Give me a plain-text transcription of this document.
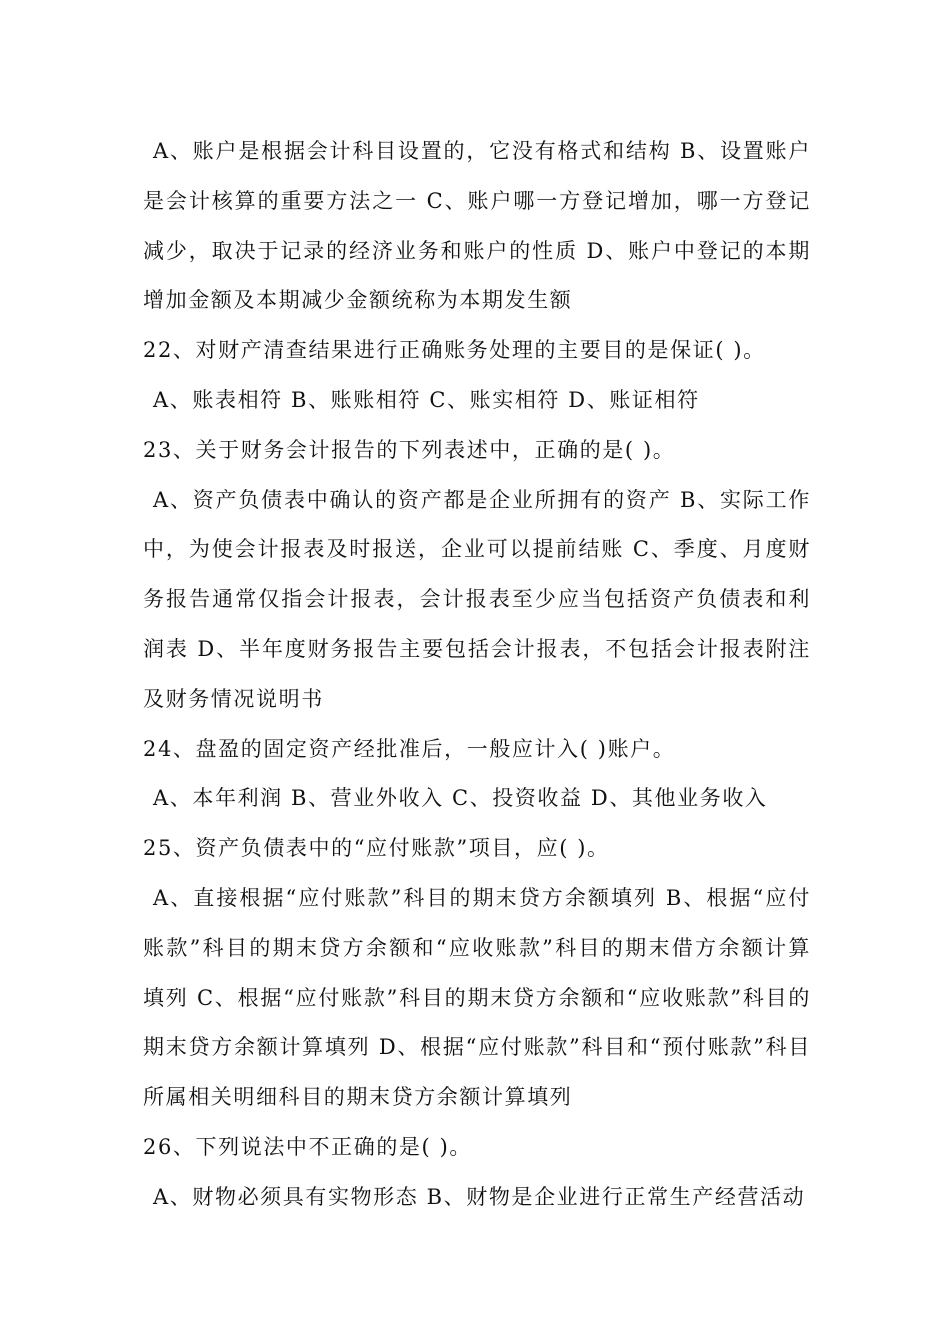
A、账户是根据会计科目设置的，它没有格式和结构 B、设置账户是会计核算的重要方法之一 C、账户哪一方登记增加，哪一方登记减少，取决于记录的经济业务和账户的性质 D、账户中登记的本期增加金额及本期减少金额统称为本期发生额

22、对财产清查结果进行正确账务处理的主要目的是保证( )。

A、账表相符 B、账账相符 C、账实相符 D、账证相符

23、关于财务会计报告的下列表述中，正确的是( )。

A、资产负债表中确认的资产都是企业所拥有的资产 B、实际工作中，为使会计报表及时报送，企业可以提前结账 C、季度、月度财务报告通常仅指会计报表，会计报表至少应当包括资产负债表和利润表 D、半年度财务报告主要包括会计报表，不包括会计报表附注及财务情况说明书

24、盘盈的固定资产经批准后，一般应计入( )账户。

A、本年利润 B、营业外收入 C、投资收益 D、其他业务收入

25、资产负债表中的“应付账款”项目，应( )。

A、直接根据“应付账款”科目的期末贷方余额填列 B、根据“应付账款”科目的期末贷方余额和“应收账款”科目的期末借方余额计算填列 C、根据“应付账款”科目的期末贷方余额和“应收账款”科目的期末贷方余额计算填列 D、根据“应付账款”科目和“预付账款”科目所属相关明细科目的期末贷方余额计算填列

26、下列说法中不正确的是( )。

A、财物必须具有实物形态 B、财物是企业进行正常生产经营活动
